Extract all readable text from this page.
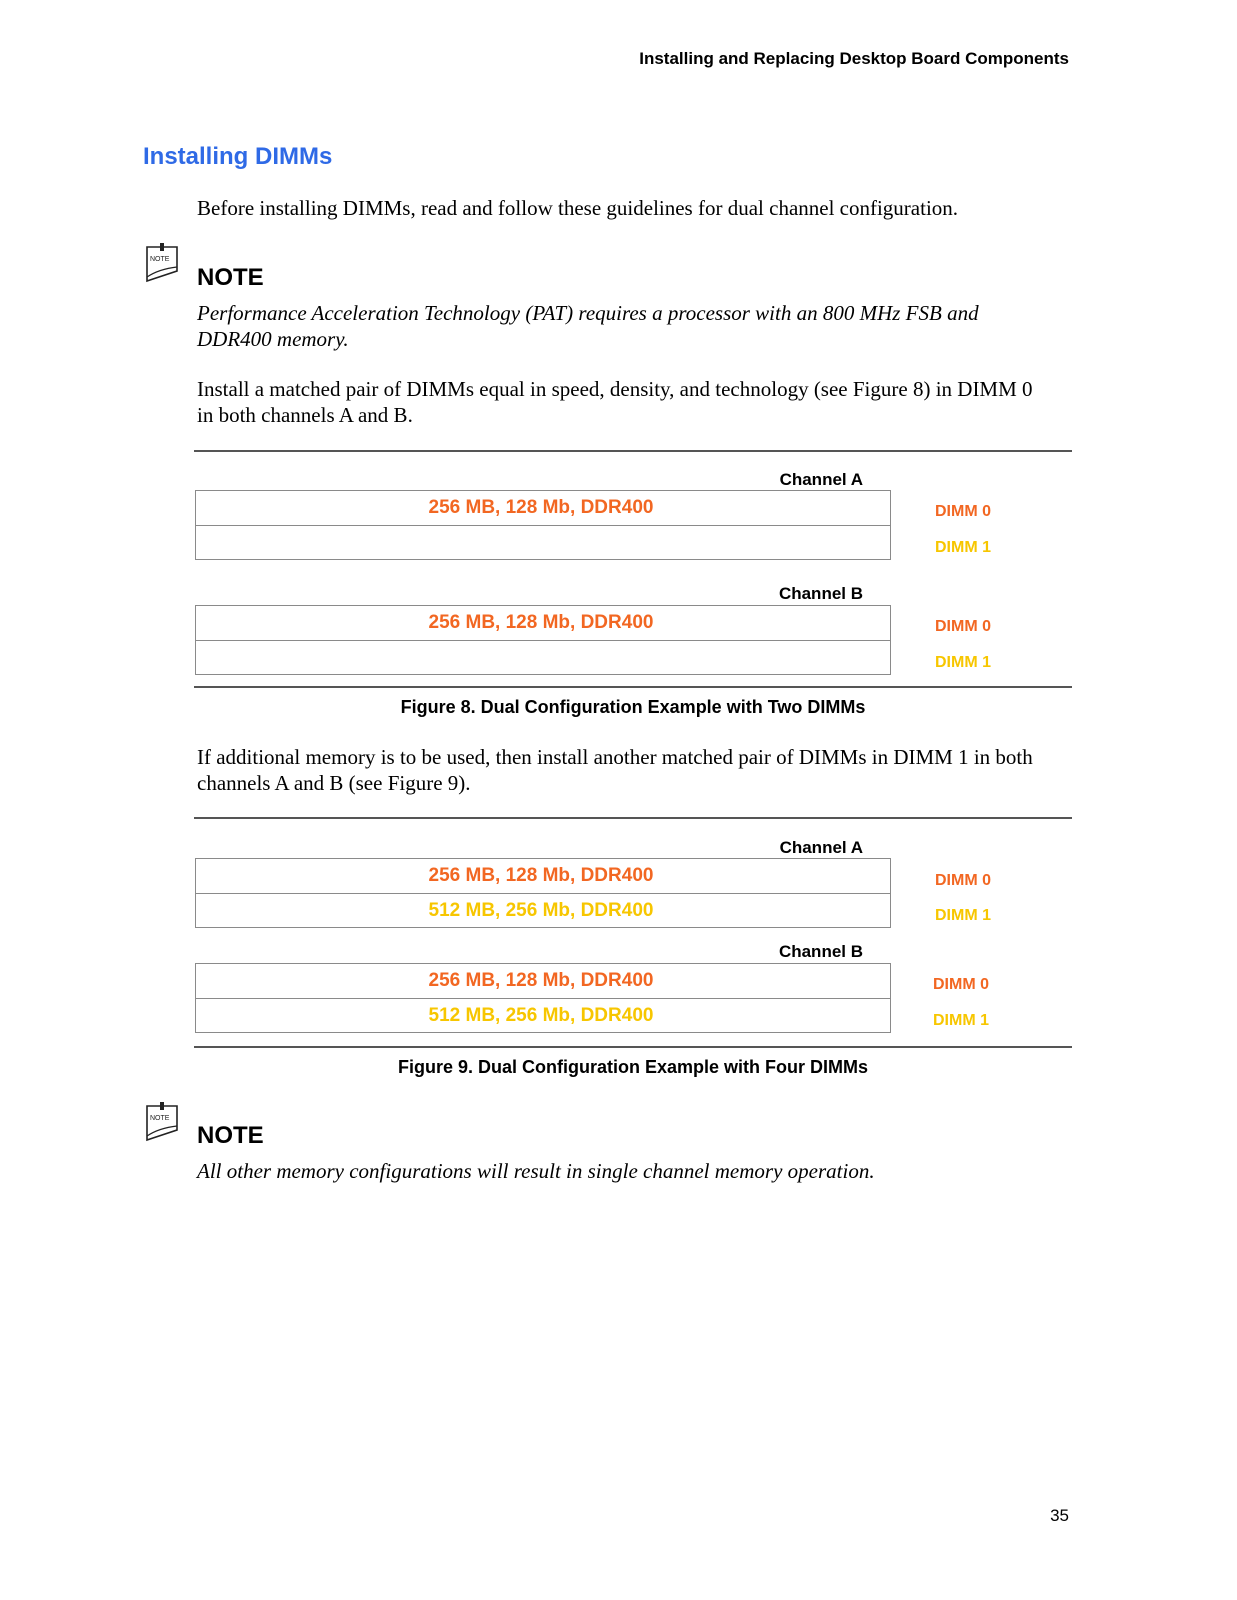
Installing and Replacing Desktop Board Components
Installing DIMMs
Before installing DIMMs, read and follow these guidelines for dual channel configuration.
NOTE
NOTE
Performance Acceleration Technology (PAT) requires a processor with an 800 MHz FSB and DDR400 memory.
Install a matched pair of DIMMs equal in speed, density, and technology (see Figure 8) in DIMM 0 in both channels A and B.
Channel A
256 MB, 128 Mb, DDR400	DIMM 0
DIMM 1
Channel B
256 MB, 128 Mb, DDR400	DIMM 0
DIMM 1
Figure 8. Dual Configuration Example with Two DIMMs
If additional memory is to be used, then install another matched pair of DIMMs in DIMM 1 in both channels A and B (see Figure 9).
Channel A
256 MB, 128 Mb, DDR400
512 MB, 256 Mb, DDR400
DIMM 0
DIMM 1
Channel B
256 MB, 128 Mb, DDR400
512 MB, 256 Mb, DDR400
DIMM 0
DIMM 1
Figure 9. Dual Configuration Example with Four DIMMs
NOTE
NOTE
All other memory configurations will result in single channel memory operation.
35
